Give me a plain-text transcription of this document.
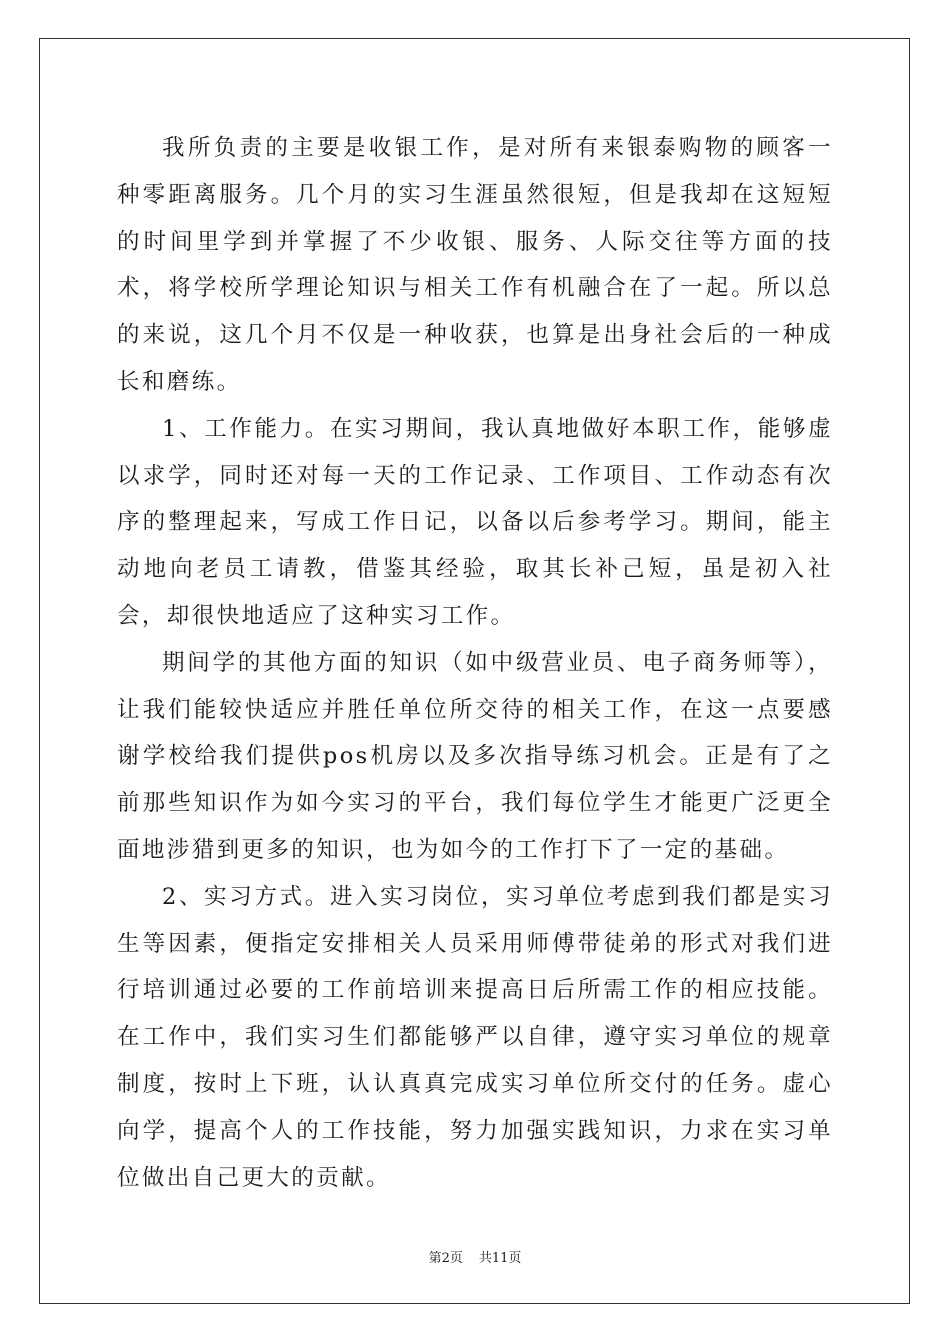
我所负责的主要是收银工作，是对所有来银泰购物的顾客一种零距离服务。几个月的实习生涯虽然很短，但是我却在这短短的时间里学到并掌握了不少收银、服务、人际交往等方面的技术，将学校所学理论知识与相关工作有机融合在了一起。所以总的来说，这几个月不仅是一种收获，也算是出身社会后的一种成长和磨练。

1、工作能力。在实习期间，我认真地做好本职工作，能够虚以求学，同时还对每一天的工作记录、工作项目、工作动态有次序的整理起来，写成工作日记，以备以后参考学习。期间，能主动地向老员工请教，借鉴其经验，取其长补己短，虽是初入社会，却很快地适应了这种实习工作。

期间学的其他方面的知识（如中级营业员、电子商务师等），让我们能较快适应并胜任单位所交待的相关工作，在这一点要感谢学校给我们提供pos机房以及多次指导练习机会。正是有了之前那些知识作为如今实习的平台，我们每位学生才能更广泛更全面地涉猎到更多的知识，也为如今的工作打下了一定的基础。

2、实习方式。进入实习岗位，实习单位考虑到我们都是实习生等因素，便指定安排相关人员采用师傅带徒弟的形式对我们进行培训通过必要的工作前培训来提高日后所需工作的相应技能。在工作中，我们实习生们都能够严以自律，遵守实习单位的规章制度，按时上下班，认认真真完成实习单位所交付的任务。虚心向学，提高个人的工作技能，努力加强实践知识，力求在实习单位做出自己更大的贡献。

第2页 共11页
